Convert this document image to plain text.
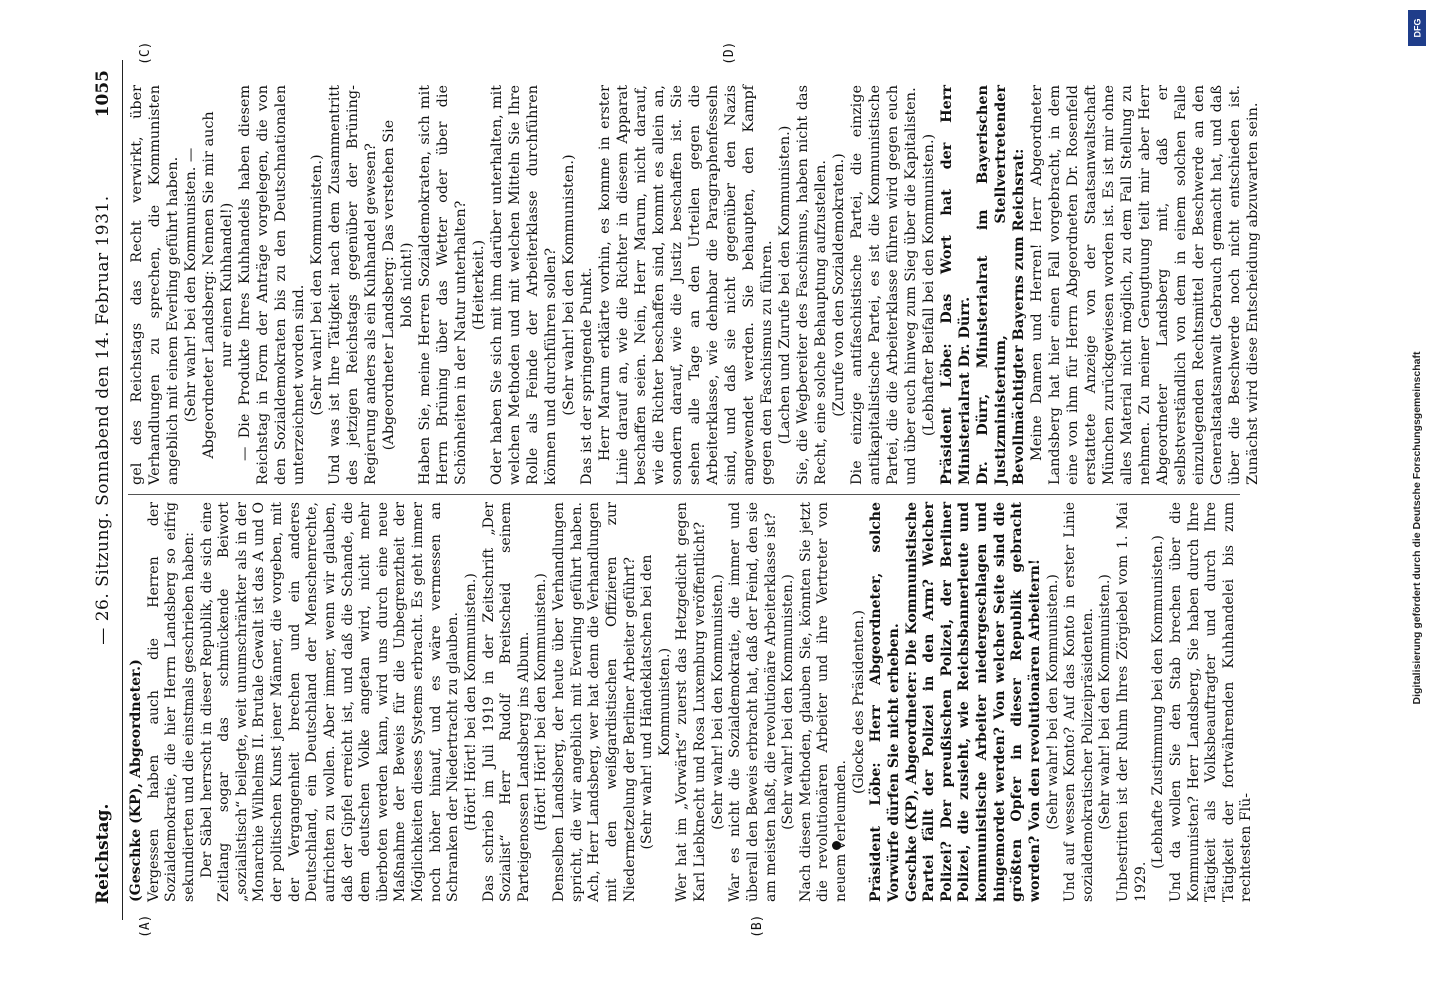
Reichstag.
— 26. Sitzung. Sonnabend den 14. Februar 1931.
1055
(A)	(B)
(C)	(D)

(Geschke (KP), Abgeordneter.) Vergessen haben auch die Herren der Sozialdemokratie, die hier Herrn Landsberg so eifrig sekundierten und die einstmals geschrieben haben: Der Säbel herrscht in dieser Republik, die sich eine Zeitlang sogar das schmückende Beiwort „sozialistisch“ beilegte, weit unumschränkter als in der Monarchie Wilhelms II. Brutale Gewalt ist das A und O der politischen Kunst jener Männer, die vorgeben, mit der Vergangenheit brechen und ein anderes Deutschland, ein Deutschland der Menschenrechte, aufrichten zu wollen. Aber immer, wenn wir glauben, daß der Gipfel erreicht ist, und daß die Schande, die dem deutschen Volke angetan wird, nicht mehr überboten werden kann, wird uns durch eine neue Maßnahme der Beweis für die Unbegrenztheit der Möglichkeiten dieses Systems erbracht. Es geht immer noch höher hinauf, und es wäre vermessen an Schranken der Niedertracht zu glauben. (Hört! Hört! bei den Kommunisten.) Das schrieb im Juli 1919 in der Zeitschrift „Der Sozialist“ Herr Rudolf Breitscheid seinem Parteigenossen Landsberg ins Album. (Hört! Hört! bei den Kommunisten.) Denselben Landsberg, der heute über Verhandlungen spricht, die wir angeblich mit Everling geführt haben. Ach, Herr Landsberg, wer hat denn die Verhandlungen mit den weißgardistischen Offizieren zur Niedermetzelung der Berliner Arbeiter geführt? (Sehr wahr! und Händeklatschen bei den Kommunisten.) Wer hat im „Vorwärts“ zuerst das Hetzgedicht gegen Karl Liebknecht und Rosa Luxemburg veröffentlicht? (Sehr wahr! bei den Kommunisten.) War es nicht die Sozialdemokratie, die immer und überall den Beweis erbracht hat, daß der Feind, den sie am meisten haßt, die revolutionäre Arbeiterklasse ist? (Sehr wahr! bei den Kommunisten.) Nach diesen Methoden, glauben Sie, könnten Sie jetzt die revolutionären Arbeiter und ihre Vertreter von neuem verleumden.

(Glocke des Präsidenten.) Präsident Löbe: Herr Abgeordneter, solche Vorwürfe dürfen Sie nicht erheben. Geschke (KP), Abgeordneter: Die Kommunistische Partei fällt der Polizei in den Arm? Welcher Polizei? Der preußischen Polizei, der Berliner Polizei, die zusieht, wie Reichsbannerleute und kommunistische Arbeiter niedergeschlagen und hingemordet werden? Von welcher Seite sind die größten Opfer in dieser Republik gebracht worden? Von den revolutionären Arbeitern! (Sehr wahr! bei den Kommunisten.) Und auf wessen Konto? Auf das Konto in erster Linie sozialdemokratischer Polizeipräsidenten. (Sehr wahr! bei den Kommunisten.) Unbestritten ist der Ruhm Ihres Zörgiebel vom 1. Mai 1929.

(Lebhafte Zustimmung bei den Kommunisten.) Und da wollen Sie den Stab brechen über die Kommunisten? Herr Landsberg, Sie haben durch Ihre Tätigkeit als Volksbeauftragter und durch Ihre Tätigkeit der fortwährenden Kuhhandelei bis zum rechtesten Flü-

gel des Reichstags das Recht verwirkt, über Verhandlungen zu sprechen, die Kommunisten angeblich mit einem Everling geführt haben. (Sehr wahr! bei den Kommunisten. — Abgeordneter Landsberg: Nennen Sie mir auch nur einen Kuhhandel!) — Die Produkte Ihres Kuhhandels haben diesem Reichstag in Form der Anträge vorgelegen, die von den Sozialdemokraten bis zu den Deutschnationalen unterzeichnet worden sind. (Sehr wahr! bei den Kommunisten.) Und was ist Ihre Tätigkeit nach dem Zusammentritt des jetzigen Reichstags gegenüber der Brüning-Regierung anders als ein Kuhhandel gewesen? (Abgeordneter Landsberg: Das verstehen Sie bloß nicht!) Haben Sie, meine Herren Sozialdemokraten, sich mit Herrn Brüning über das Wetter oder über die Schönheiten in der Natur unterhalten? (Heiterkeit.) Oder haben Sie sich mit ihm darüber unterhalten, mit welchen Methoden und mit welchen Mitteln Sie Ihre Rolle als Feinde der Arbeiterklasse durchführen können und durchführen sollen? (Sehr wahr! bei den Kommunisten.) Das ist der springende Punkt. Herr Marum erklärte vorhin, es komme in erster Linie darauf an, wie die Richter in diesem Apparat beschaffen seien. Nein, Herr Marum, nicht darauf, wie die Richter beschaffen sind, kommt es allein an, sondern darauf, wie die Justiz beschaffen ist. Sie sehen alle Tage an den Urteilen gegen die Arbeiterklasse, wie dehnbar die Paragraphenfesseln sind, und daß sie nicht gegenüber den Nazis angewendet werden. Sie behaupten, den Kampf gegen den Faschismus zu führen. (Lachen und Zurufe bei den Kommunisten.) Sie, die Wegbereiter des Faschismus, haben nicht das Recht, eine solche Behauptung aufzustellen. (Zurufe von den Sozialdemokraten.) Die einzige antifaschistische Partei, die einzige antikapitalistische Partei, es ist die Kommunistische Partei, die die Arbeiterklasse führen wird gegen euch und über euch hinweg zum Sieg über die Kapitalisten. (Lebhafter Beifall bei den Kommunisten.) Präsident Löbe: Das Wort hat der Herr Ministerialrat Dr. Dürr. Dr. Dürr, Ministerialrat im Bayerischen Justizministerium, Stellvertretender Bevollmächtigter Bayerns zum Reichsrat: Meine Damen und Herren! Herr Abgeordneter Landsberg hat hier einen Fall vorgebracht, in dem eine von ihm für Herrn Abgeordneten Dr. Rosenfeld erstattete Anzeige von der Staatsanwaltschaft München zurückgewiesen worden ist. Es ist mir ohne alles Material nicht möglich, zu dem Fall Stellung zu nehmen. Zu meiner Genugtuung teilt mir aber Herr Abgeordneter Landsberg mit, daß er selbstverständlich von dem in einem solchen Falle einzulegenden Rechtsmittel der Beschwerde an den Generalstaatsanwalt Gebrauch gemacht hat, und daß über die Beschwerde noch nicht entschieden ist. Zunächst wird diese Entscheidung abzuwarten sein.

DFG
Digitalisierung gefördert durch die Deutsche Forschungsgemeinschaft
